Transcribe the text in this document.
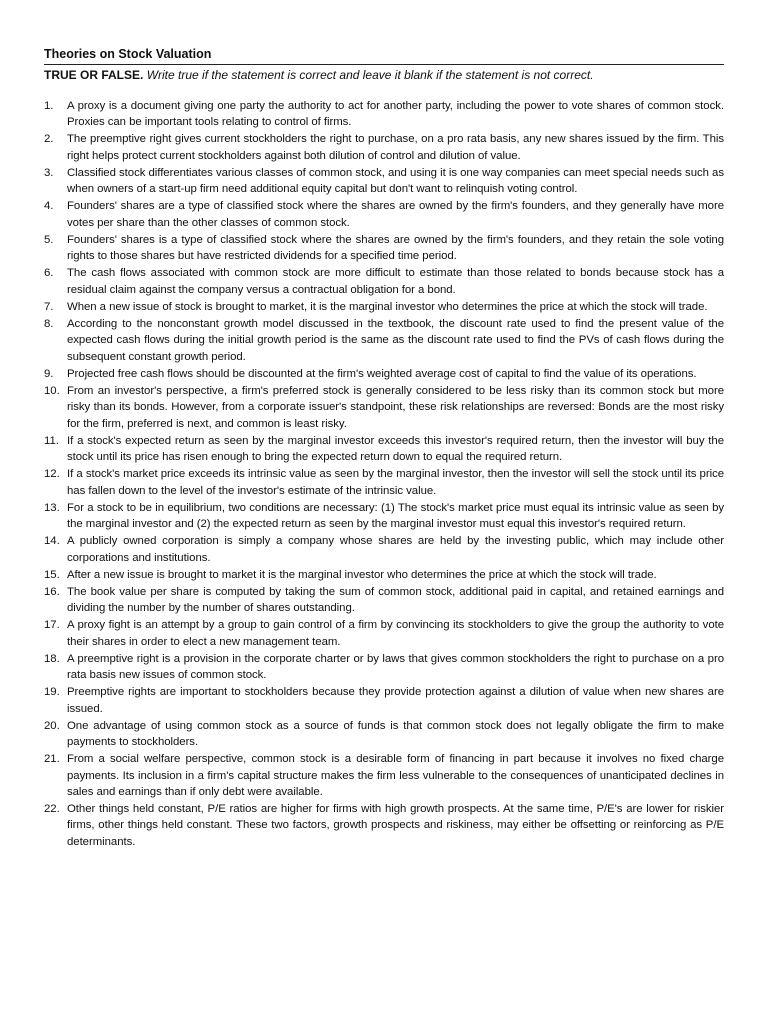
Theories on Stock Valuation

TRUE OR FALSE. Write true if the statement is correct and leave it blank if the statement is not correct.

1.	A proxy is a document giving one party the authority to act for another party, including the power to vote shares of common stock. Proxies can be important tools relating to control of firms.
2.	The preemptive right gives current stockholders the right to purchase, on a pro rata basis, any new shares issued by the firm. This right helps protect current stockholders against both dilution of control and dilution of value.
3.	Classified stock differentiates various classes of common stock, and using it is one way companies can meet special needs such as when owners of a start-up firm need additional equity capital but don't want to relinquish voting control.
4.	Founders' shares are a type of classified stock where the shares are owned by the firm's founders, and they generally have more votes per share than the other classes of common stock.
5.	Founders' shares is a type of classified stock where the shares are owned by the firm's founders, and they retain the sole voting rights to those shares but have restricted dividends for a specified time period.
6.	The cash flows associated with common stock are more difficult to estimate than those related to bonds because stock has a residual claim against the company versus a contractual obligation for a bond.
7.	When a new issue of stock is brought to market, it is the marginal investor who determines the price at which the stock will trade.
8.	According to the nonconstant growth model discussed in the textbook, the discount rate used to find the present value of the expected cash flows during the initial growth period is the same as the discount rate used to find the PVs of cash flows during the subsequent constant growth period.
9.	Projected free cash flows should be discounted at the firm's weighted average cost of capital to find the value of its operations.
10. From an investor's perspective, a firm's preferred stock is generally considered to be less risky than its common stock but more risky than its bonds. However, from a corporate issuer's standpoint, these risk relationships are reversed: Bonds are the most risky for the firm, preferred is next, and common is least risky.
11. If a stock's expected return as seen by the marginal investor exceeds this investor's required return, then the investor will buy the stock until its price has risen enough to bring the expected return down to equal the required return.
12. If a stock's market price exceeds its intrinsic value as seen by the marginal investor, then the investor will sell the stock until its price has fallen down to the level of the investor's estimate of the intrinsic value.
13. For a stock to be in equilibrium, two conditions are necessary: (1) The stock's market price must equal its intrinsic value as seen by the marginal investor and (2) the expected return as seen by the marginal investor must equal this investor's required return.
14. A publicly owned corporation is simply a company whose shares are held by the investing public, which may include other corporations and institutions.
15. After a new issue is brought to market it is the marginal investor who determines the price at which the stock will trade.
16. The book value per share is computed by taking the sum of common stock, additional paid in capital, and retained earnings and dividing the number by the number of shares outstanding.
17. A proxy fight is an attempt by a group to gain control of a firm by convincing its stockholders to give the group the authority to vote their shares in order to elect a new management team.
18. A preemptive right is a provision in the corporate charter or by laws that gives common stockholders the right to purchase on a pro rata basis new issues of common stock.
19. Preemptive rights are important to stockholders because they provide protection against a dilution of value when new shares are issued.
20. One advantage of using common stock as a source of funds is that common stock does not legally obligate the firm to make payments to stockholders.
21. From a social welfare perspective, common stock is a desirable form of financing in part because it involves no fixed charge payments. Its inclusion in a firm's capital structure makes the firm less vulnerable to the consequences of unanticipated declines in sales and earnings than if only debt were available.
22. Other things held constant, P/E ratios are higher for firms with high growth prospects. At the same time, P/E's are lower for riskier firms, other things held constant. These two factors, growth prospects and riskiness, may either be offsetting or reinforcing as P/E determinants.
